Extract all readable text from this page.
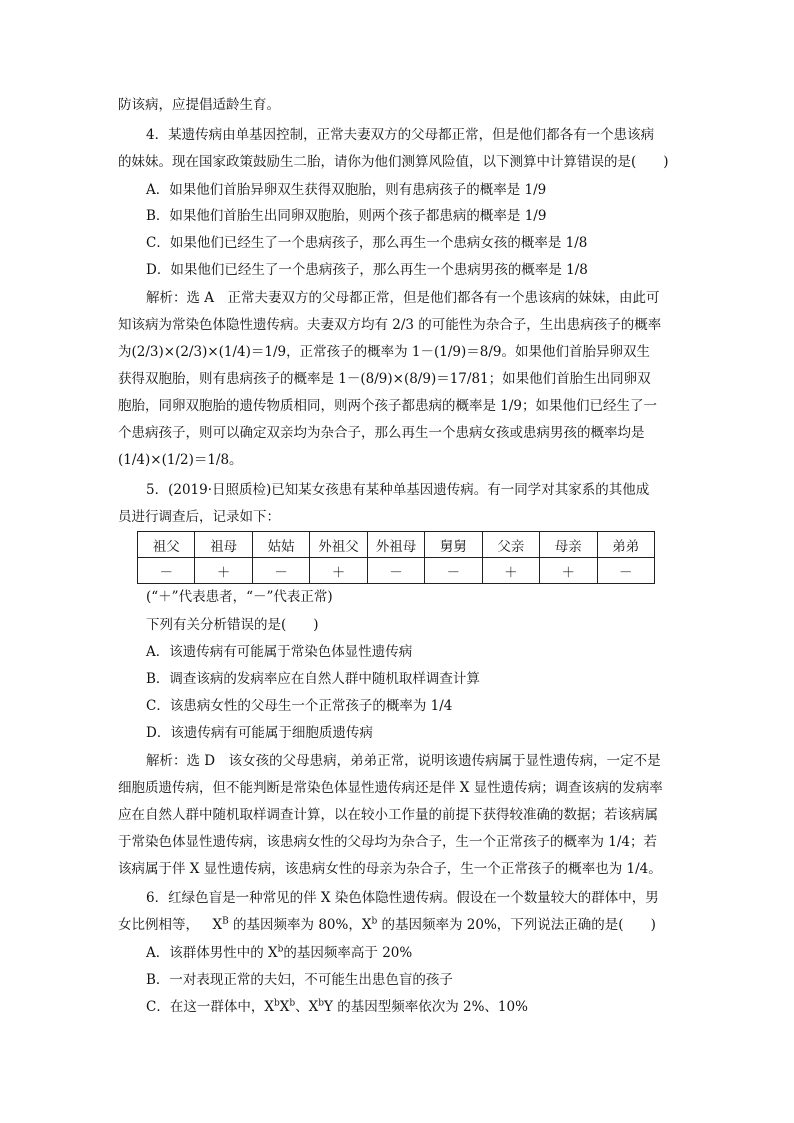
防该病，应提倡适龄生育。
4．某遗传病由单基因控制，正常夫妻双方的父母都正常，但是他们都各有一个患该病
的妹妹。现在国家政策鼓励生二胎，请你为他们测算风险值，以下测算中计算错误的是(　　)
A．如果他们首胎异卵双生获得双胞胎，则有患病孩子的概率是 1/9
B．如果他们首胎生出同卵双胞胎，则两个孩子都患病的概率是 1/9
C．如果他们已经生了一个患病孩子，那么再生一个患病女孩的概率是 1/8
D．如果他们已经生了一个患病孩子，那么再生一个患病男孩的概率是 1/8
解析：选 A　正常夫妻双方的父母都正常，但是他们都各有一个患该病的妹妹，由此可
知该病为常染色体隐性遗传病。夫妻双方均有 2/3 的可能性为杂合子，生出患病孩子的概率
为(2/3)×(2/3)×(1/4)＝1/9，正常孩子的概率为 1－(1/9)＝8/9。如果他们首胎异卵双生
获得双胞胎，则有患病孩子的概率是 1－(8/9)×(8/9)＝17/81；如果他们首胎生出同卵双
胞胎，同卵双胞胎的遗传物质相同，则两个孩子都患病的概率是 1/9；如果他们已经生了一
个患病孩子，则可以确定双亲均为杂合子，那么再生一个患病女孩或患病男孩的概率均是
(1/4)×(1/2)＝1/8。
5．(2019·日照质检)已知某女孩患有某种单基因遗传病。有一同学对其家系的其他成
员进行调查后，记录如下：
祖父	祖母	姑姑	外祖父	外祖母	舅舅	父亲	母亲	弟弟
－	＋	－	＋	－	－	＋	＋	－
(“＋”代表患者，“－”代表正常)
下列有关分析错误的是(　　)
A．该遗传病有可能属于常染色体显性遗传病
B．调查该病的发病率应在自然人群中随机取样调查计算
C．该患病女性的父母生一个正常孩子的概率为 1/4
D．该遗传病有可能属于细胞质遗传病
解析：选 D　该女孩的父母患病，弟弟正常，说明该遗传病属于显性遗传病，一定不是
细胞质遗传病，但不能判断是常染色体显性遗传病还是伴 X 显性遗传病；调查该病的发病率
应在自然人群中随机取样调查计算，以在较小工作量的前提下获得较准确的数据；若该病属
于常染色体显性遗传病，该患病女性的父母均为杂合子，生一个正常孩子的概率为 1/4；若
该病属于伴 X 显性遗传病，该患病女性的母亲为杂合子，生一个正常孩子的概率也为 1/4。
6．红绿色盲是一种常见的伴 X 染色体隐性遗传病。假设在一个数量较大的群体中，男
女比例相等，  $X^B$ 的基因频率为 80%，$X^b$ 的基因频率为 20%，下列说法正确的是(　　)
A．该群体男性中的 $X^b$的基因频率高于 20%
B．一对表现正常的夫妇，不可能生出患色盲的孩子
C．在这一群体中，$X^bX^b$、$X^bY$ 的基因型频率依次为 2%、10%
